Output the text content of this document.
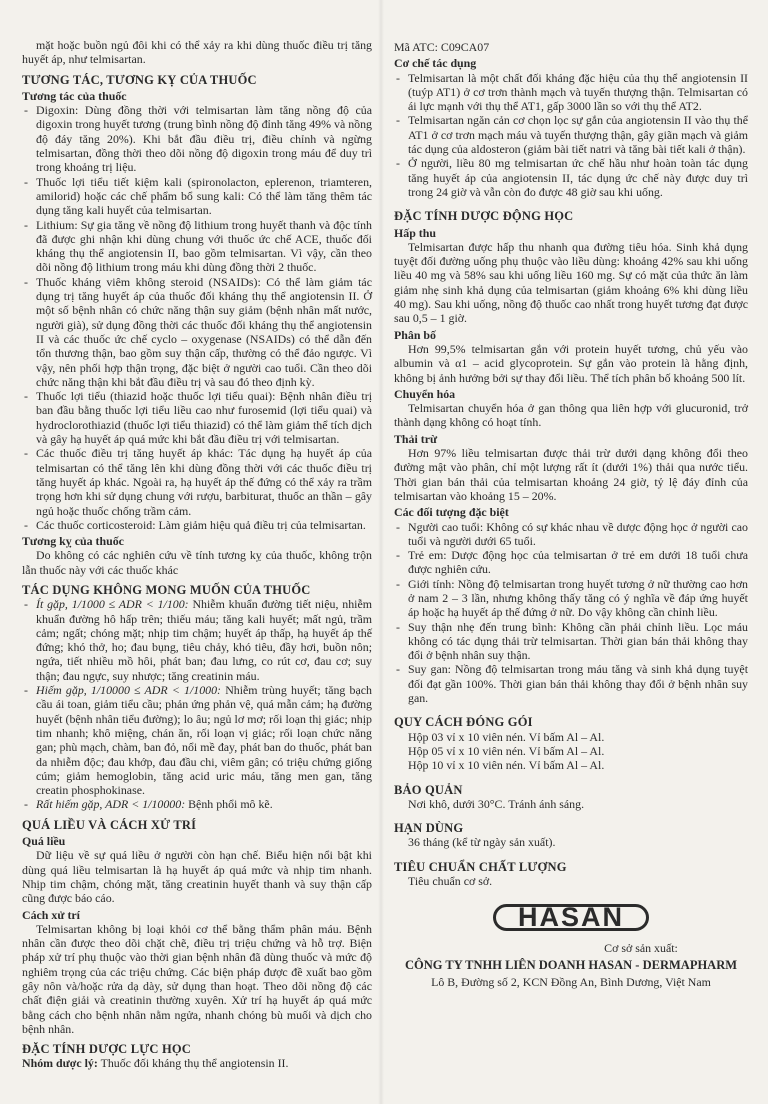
mặt hoặc buồn ngủ đôi khi có thể xảy ra khi dùng thuốc điều trị tăng huyết áp, như telmisartan.

TƯƠNG TÁC, TƯƠNG KỴ CỦA THUỐC
Tương tác của thuốc
- Digoxin: Dùng đồng thời với telmisartan làm tăng nồng độ của digoxin trong huyết tương (trung bình nồng độ đỉnh tăng 49% và nồng độ đáy tăng 20%). Khi bắt đầu điều trị, điều chỉnh và ngừng telmisartan, đồng thời theo dõi nồng độ digoxin trong máu để duy trì trong khoảng trị liệu.
- Thuốc lợi tiểu tiết kiệm kali (spironolacton, eplerenon, triamteren, amilorid) hoặc các chế phẩm bổ sung kali: Có thể làm tăng thêm tác dụng tăng kali huyết của telmisartan.
- Lithium: Sự gia tăng về nồng độ lithium trong huyết thanh và độc tính đã được ghi nhận khi dùng chung với thuốc ức chế ACE, thuốc đối kháng thụ thể angiotensin II, bao gồm telmisartan. Vì vậy, cần theo dõi nồng độ lithium trong máu khi dùng đồng thời 2 thuốc.
- Thuốc kháng viêm không steroid (NSAIDs): Có thể làm giảm tác dụng trị tăng huyết áp của thuốc đối kháng thụ thể angiotensin II. Ở một số bệnh nhân có chức năng thận suy giảm (bệnh nhân mất nước, người già), sử dụng đồng thời các thuốc đối kháng thụ thể angiotensin II và các thuốc ức chế cyclo – oxygenase (NSAIDs) có thể dẫn đến tổn thương thận, bao gồm suy thận cấp, thường có thể đảo ngược. Vì vậy, nên phối hợp thận trọng, đặc biệt ở người cao tuổi. Cần theo dõi chức năng thận khi bắt đầu điều trị và sau đó theo định kỳ.
- Thuốc lợi tiểu (thiazid hoặc thuốc lợi tiểu quai): Bệnh nhân điều trị ban đầu bằng thuốc lợi tiểu liều cao như furosemid (lợi tiểu quai) và hydroclorothiazid (thuốc lợi tiểu thiazid) có thể làm giảm thể tích dịch và gây hạ huyết áp quá mức khi bắt đầu điều trị với telmisartan.
- Các thuốc điều trị tăng huyết áp khác: Tác dụng hạ huyết áp của telmisartan có thể tăng lên khi dùng đồng thời với các thuốc điều trị tăng huyết áp khác. Ngoài ra, hạ huyết áp thế đứng có thể xảy ra trầm trọng hơn khi sử dụng chung với rượu, barbiturat, thuốc an thần – gây ngủ hoặc thuốc chống trầm cảm.
- Các thuốc corticosteroid: Làm giảm hiệu quả điều trị của telmisartan.
Tương kỵ của thuốc

Do không có các nghiên cứu về tính tương kỵ của thuốc, không trộn lẫn thuốc này với các thuốc khác

TÁC DỤNG KHÔNG MONG MUỐN CỦA THUỐC
- Ít gặp, 1/1000 ≤ ADR < 1/100: Nhiễm khuẩn đường tiết niệu, nhiễm khuẩn đường hô hấp trên; thiếu máu; tăng kali huyết; mất ngủ, trầm cảm; ngất; chóng mặt; nhịp tim chậm; huyết áp thấp, hạ huyết áp thế đứng; khó thở, ho; đau bụng, tiêu chảy, khó tiêu, đầy hơi, buồn nôn; ngứa, tiết nhiều mồ hôi, phát ban; đau lưng, co rút cơ, đau cơ; suy thận; đau ngực, suy nhược; tăng creatinin máu.
- Hiếm gặp, 1/10000 ≤ ADR < 1/1000: Nhiễm trùng huyết; tăng bạch cầu ái toan, giảm tiểu cầu; phản ứng phản vệ, quá mẫn cảm; hạ đường huyết (bệnh nhân tiểu đường); lo âu; ngủ lơ mơ; rối loạn thị giác; nhịp tim nhanh; khô miệng, chán ăn, rối loạn vị giác; rối loạn chức năng gan; phù mạch, chàm, ban đỏ, nổi mề đay, phát ban do thuốc, phát ban da nhiễm độc; đau khớp, đau đầu chi, viêm gân; có triệu chứng giống cúm; giảm hemoglobin, tăng acid uric máu, tăng men gan, tăng creatin phosphokinase.
- Rất hiếm gặp, ADR < 1/10000: Bệnh phổi mô kẽ.
QUÁ LIỀU VÀ CÁCH XỬ TRÍ
Quá liều

Dữ liệu về sự quá liều ở người còn hạn chế. Biểu hiện nổi bật khi dùng quá liều telmisartan là hạ huyết áp quá mức và nhịp tim nhanh. Nhịp tim chậm, chóng mặt, tăng creatinin huyết thanh và suy thận cấp cũng được báo cáo.

Cách xử trí

Telmisartan không bị loại khỏi cơ thể bằng thẩm phân máu. Bệnh nhân cần được theo dõi chặt chẽ, điều trị triệu chứng và hỗ trợ. Biện pháp xử trí phụ thuộc vào thời gian bệnh nhân đã dùng thuốc và mức độ nghiêm trọng của các triệu chứng. Các biện pháp được đề xuất bao gồm gây nôn và/hoặc rửa dạ dày, sử dụng than hoạt. Theo dõi nồng độ các chất điện giải và creatinin thường xuyên. Xử trí hạ huyết áp quá mức bằng cách cho bệnh nhân nằm ngửa, nhanh chóng bù muối và dịch cho bệnh nhân.

ĐẶC TÍNH DƯỢC LỰC HỌC

Nhóm dược lý: Thuốc đối kháng thụ thể angiotensin II.

Mã ATC: C09CA07
Cơ chế tác dụng
- Telmisartan là một chất đối kháng đặc hiệu của thụ thể angiotensin II (tuýp AT1) ở cơ trơn thành mạch và tuyến thượng thận. Telmisartan có ái lực mạnh với thụ thể AT1, gấp 3000 lần so với thụ thể AT2.
- Telmisartan ngăn cản cơ chọn lọc sự gắn của angiotensin II vào thụ thể AT1 ở cơ trơn mạch máu và tuyến thượng thận, gây giãn mạch và giảm tác dụng của aldosteron (giảm bài tiết natri và tăng bài tiết kali ở thận).
- Ở người, liều 80 mg telmisartan ức chế hầu như hoàn toàn tác dụng tăng huyết áp của angiotensin II, tác dụng ức chế này được duy trì trong 24 giờ và vẫn còn đo được 48 giờ sau khi uống.
ĐẶC TÍNH DƯỢC ĐỘNG HỌC
Hấp thu

Telmisartan được hấp thu nhanh qua đường tiêu hóa. Sinh khả dụng tuyệt đối đường uống phụ thuộc vào liều dùng: khoảng 42% sau khi uống liều 40 mg và 58% sau khi uống liều 160 mg. Sự có mặt của thức ăn làm giảm nhẹ sinh khả dụng của telmisartan (giảm khoảng 6% khi dùng liều 40 mg). Sau khi uống, nồng độ thuốc cao nhất trong huyết tương đạt được sau 0,5 – 1 giờ.

Phân bố

Hơn 99,5% telmisartan gắn với protein huyết tương, chủ yếu vào albumin và α1 – acid glycoprotein. Sự gắn vào protein là hằng định, không bị ảnh hưởng bởi sự thay đổi liều. Thể tích phân bố khoảng 500 lít.

Chuyển hóa

Telmisartan chuyển hóa ở gan thông qua liên hợp với glucuronid, trở thành dạng không có hoạt tính.

Thải trừ

Hơn 97% liều telmisartan được thải trừ dưới dạng không đổi theo đường mật vào phân, chỉ một lượng rất ít (dưới 1%) thải qua nước tiểu. Thời gian bán thải của telmisartan khoảng 24 giờ, tỷ lệ đáy đỉnh của telmisartan vào khoảng 15 – 20%.

Các đối tượng đặc biệt
- Người cao tuổi: Không có sự khác nhau về dược động học ở người cao tuổi và người dưới 65 tuổi.
- Trẻ em: Dược động học của telmisartan ở trẻ em dưới 18 tuổi chưa được nghiên cứu.
- Giới tính: Nồng độ telmisartan trong huyết tương ở nữ thường cao hơn ở nam 2 – 3 lần, nhưng không thấy tăng có ý nghĩa về đáp ứng huyết áp hoặc hạ huyết áp thế đứng ở nữ. Do vậy không cần chỉnh liều.
- Suy thận nhẹ đến trung bình: Không cần phải chỉnh liều. Lọc máu không có tác dụng thải trừ telmisartan. Thời gian bán thải không thay đổi ở bệnh nhân suy thận.
- Suy gan: Nồng độ telmisartan trong máu tăng và sinh khả dụng tuyệt đối đạt gần 100%. Thời gian bán thải không thay đổi ở bệnh nhân suy gan.
QUY CÁCH ĐÓNG GÓI

Hộp 03 vỉ x 10 viên nén. Vỉ bấm Al – Al.

Hộp 05 vỉ x 10 viên nén. Vỉ bấm Al – Al.

Hộp 10 vỉ x 10 viên nén. Vỉ bấm Al – Al.

BẢO QUẢN

Nơi khô, dưới 30°C. Tránh ánh sáng.

HẠN DÙNG

36 tháng (kể từ ngày sản xuất).

TIÊU CHUẨN CHẤT LƯỢNG

Tiêu chuẩn cơ sở.

HASAN
Cơ sở sản xuất:
CÔNG TY TNHH LIÊN DOANH HASAN - DERMAPHARM
Lô B, Đường số 2, KCN Đồng An, Bình Dương, Việt Nam
